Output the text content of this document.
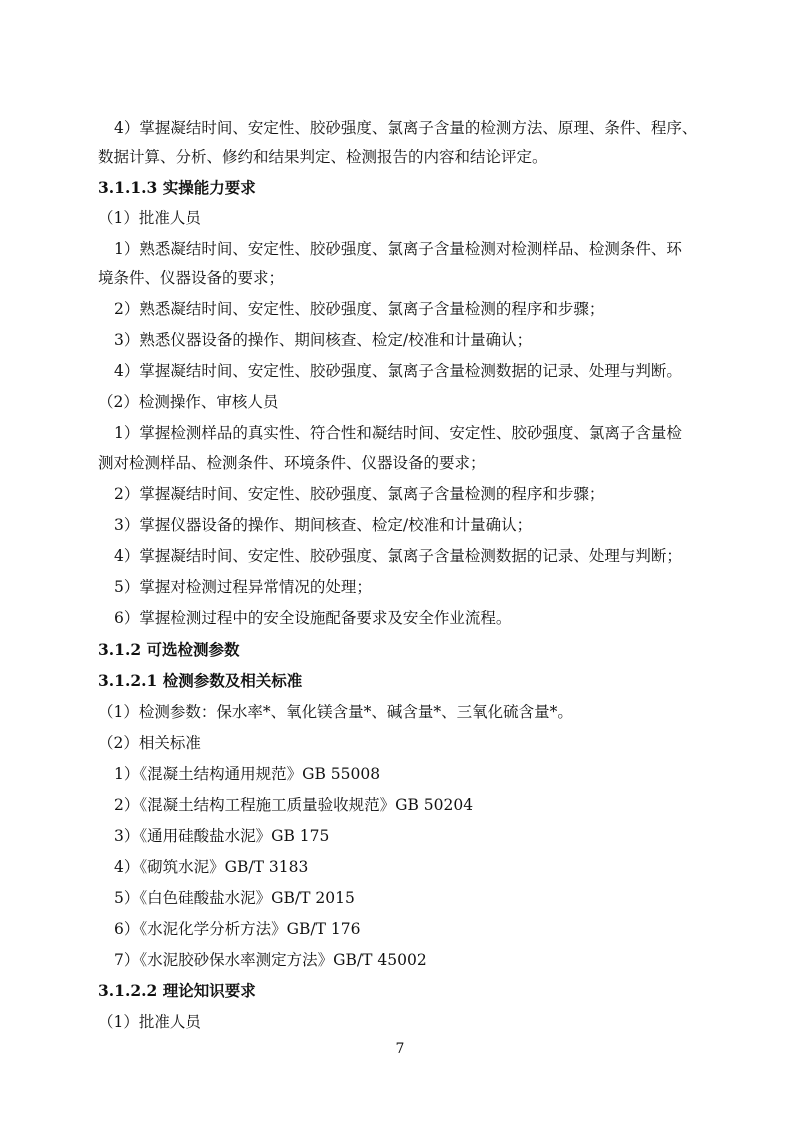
4）掌握凝结时间、安定性、胶砂强度、氯离子含量的检测方法、原理、条件、程序、
数据计算、分析、修约和结果判定、检测报告的内容和结论评定。
3.1.1.3 实操能力要求
（1）批准人员
1）熟悉凝结时间、安定性、胶砂强度、氯离子含量检测对检测样品、检测条件、环
境条件、仪器设备的要求；
2）熟悉凝结时间、安定性、胶砂强度、氯离子含量检测的程序和步骤；
3）熟悉仪器设备的操作、期间核查、检定/校准和计量确认；
4）掌握凝结时间、安定性、胶砂强度、氯离子含量检测数据的记录、处理与判断。
（2）检测操作、审核人员
1）掌握检测样品的真实性、符合性和凝结时间、安定性、胶砂强度、氯离子含量检
测对检测样品、检测条件、环境条件、仪器设备的要求；
2）掌握凝结时间、安定性、胶砂强度、氯离子含量检测的程序和步骤；
3）掌握仪器设备的操作、期间核查、检定/校准和计量确认；
4）掌握凝结时间、安定性、胶砂强度、氯离子含量检测数据的记录、处理与判断；
5）掌握对检测过程异常情况的处理；
6）掌握检测过程中的安全设施配备要求及安全作业流程。
3.1.2 可选检测参数
3.1.2.1 检测参数及相关标准
（1）检测参数：保水率*、氧化镁含量*、碱含量*、三氧化硫含量*。
（2）相关标准
1）《混凝土结构通用规范》GB 55008
2）《混凝土结构工程施工质量验收规范》GB 50204
3）《通用硅酸盐水泥》GB 175
4）《砌筑水泥》GB/T 3183
5）《白色硅酸盐水泥》GB/T 2015
6）《水泥化学分析方法》GB/T 176
7）《水泥胶砂保水率测定方法》GB/T 45002
3.1.2.2 理论知识要求
（1）批准人员
7
